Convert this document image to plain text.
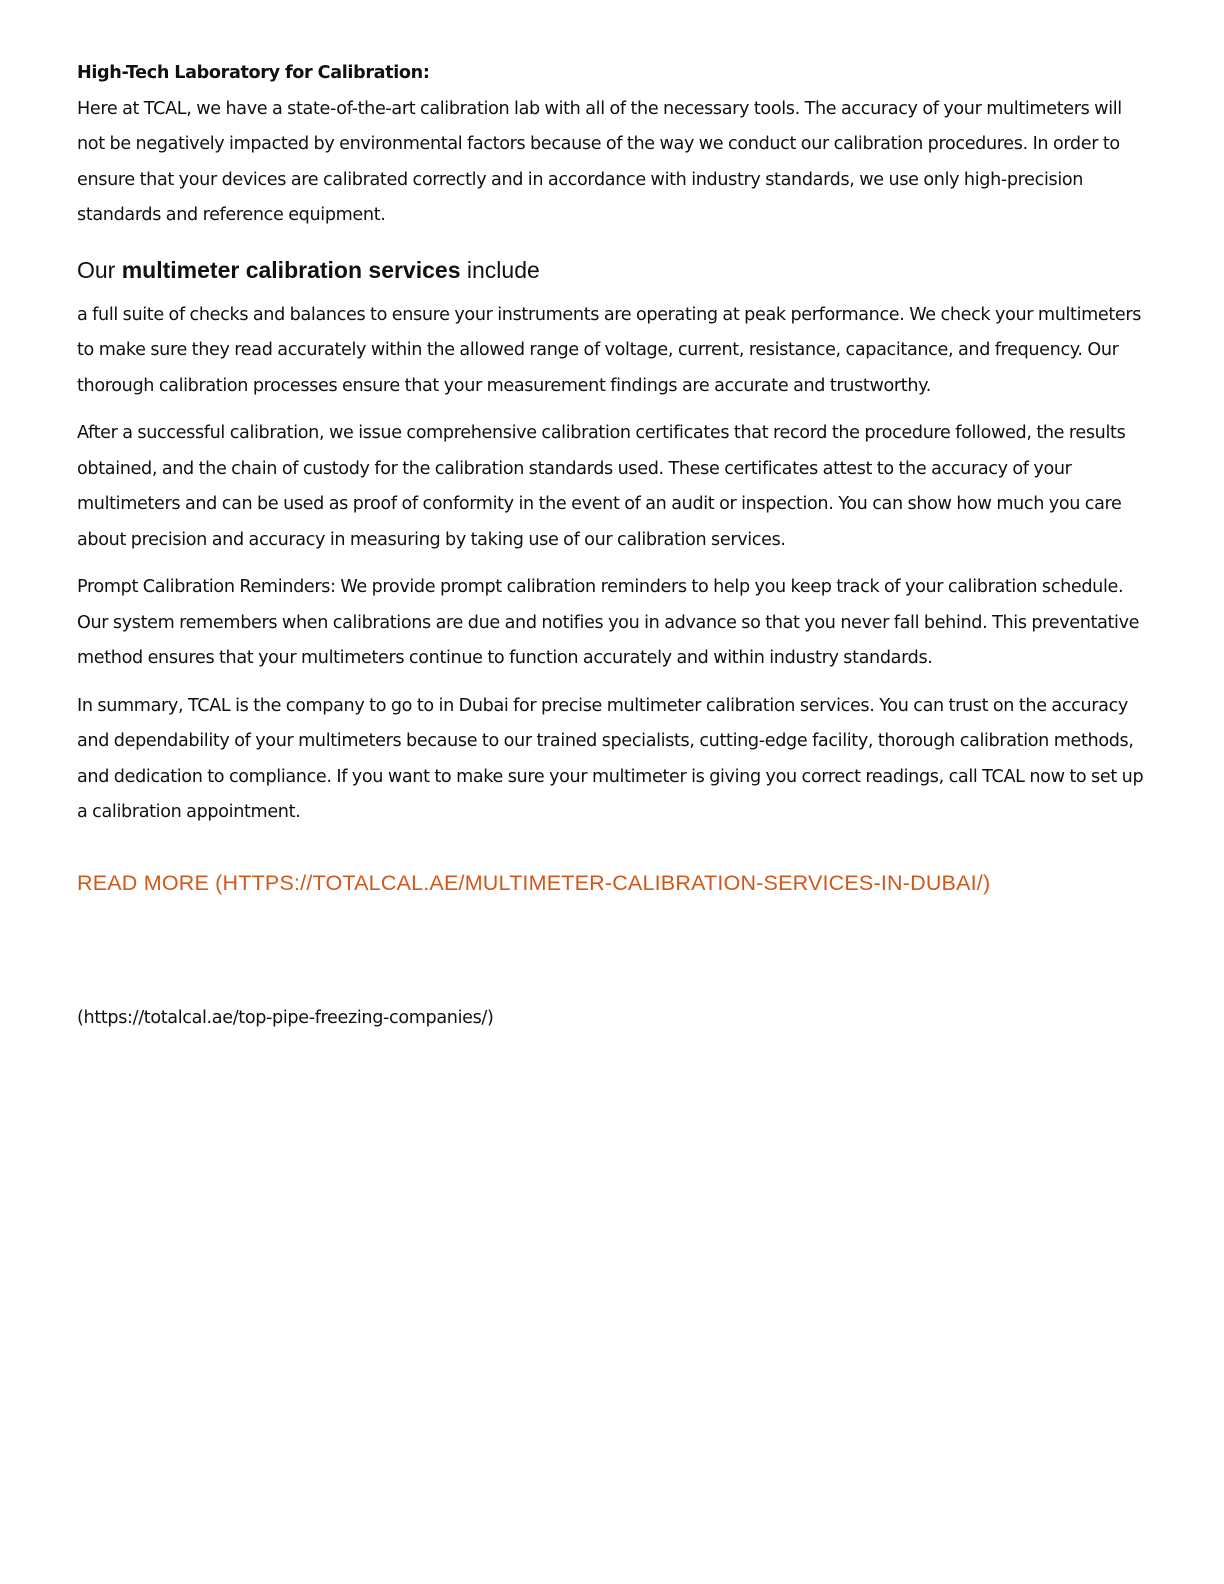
High-Tech Laboratory for Calibration:

Here at TCAL, we have a state-of-the-art calibration lab with all of the necessary tools. The accuracy of your multimeters will not be negatively impacted by environmental factors because of the way we conduct our calibration procedures. In order to ensure that your devices are calibrated correctly and in accordance with industry standards, we use only high-precision standards and reference equipment.

Our multimeter calibration services include

a full suite of checks and balances to ensure your instruments are operating at peak performance. We check your multimeters to make sure they read accurately within the allowed range of voltage, current, resistance, capacitance, and frequency. Our thorough calibration processes ensure that your measurement findings are accurate and trustworthy.

After a successful calibration, we issue comprehensive calibration certificates that record the procedure followed, the results obtained, and the chain of custody for the calibration standards used. These certificates attest to the accuracy of your multimeters and can be used as proof of conformity in the event of an audit or inspection. You can show how much you care about precision and accuracy in measuring by taking use of our calibration services.

Prompt Calibration Reminders: We provide prompt calibration reminders to help you keep track of your calibration schedule. Our system remembers when calibrations are due and notifies you in advance so that you never fall behind. This preventative method ensures that your multimeters continue to function accurately and within industry standards.

In summary, TCAL is the company to go to in Dubai for precise multimeter calibration services. You can trust on the accuracy and dependability of your multimeters because to our trained specialists, cutting-edge facility, thorough calibration methods, and dedication to compliance. If you want to make sure your multimeter is giving you correct readings, call TCAL now to set up a calibration appointment.

READ MORE (HTTPS://TOTALCAL.AE/MULTIMETER-CALIBRATION-SERVICES-IN-DUBAI/)

(https://totalcal.ae/top-pipe-freezing-companies/)
